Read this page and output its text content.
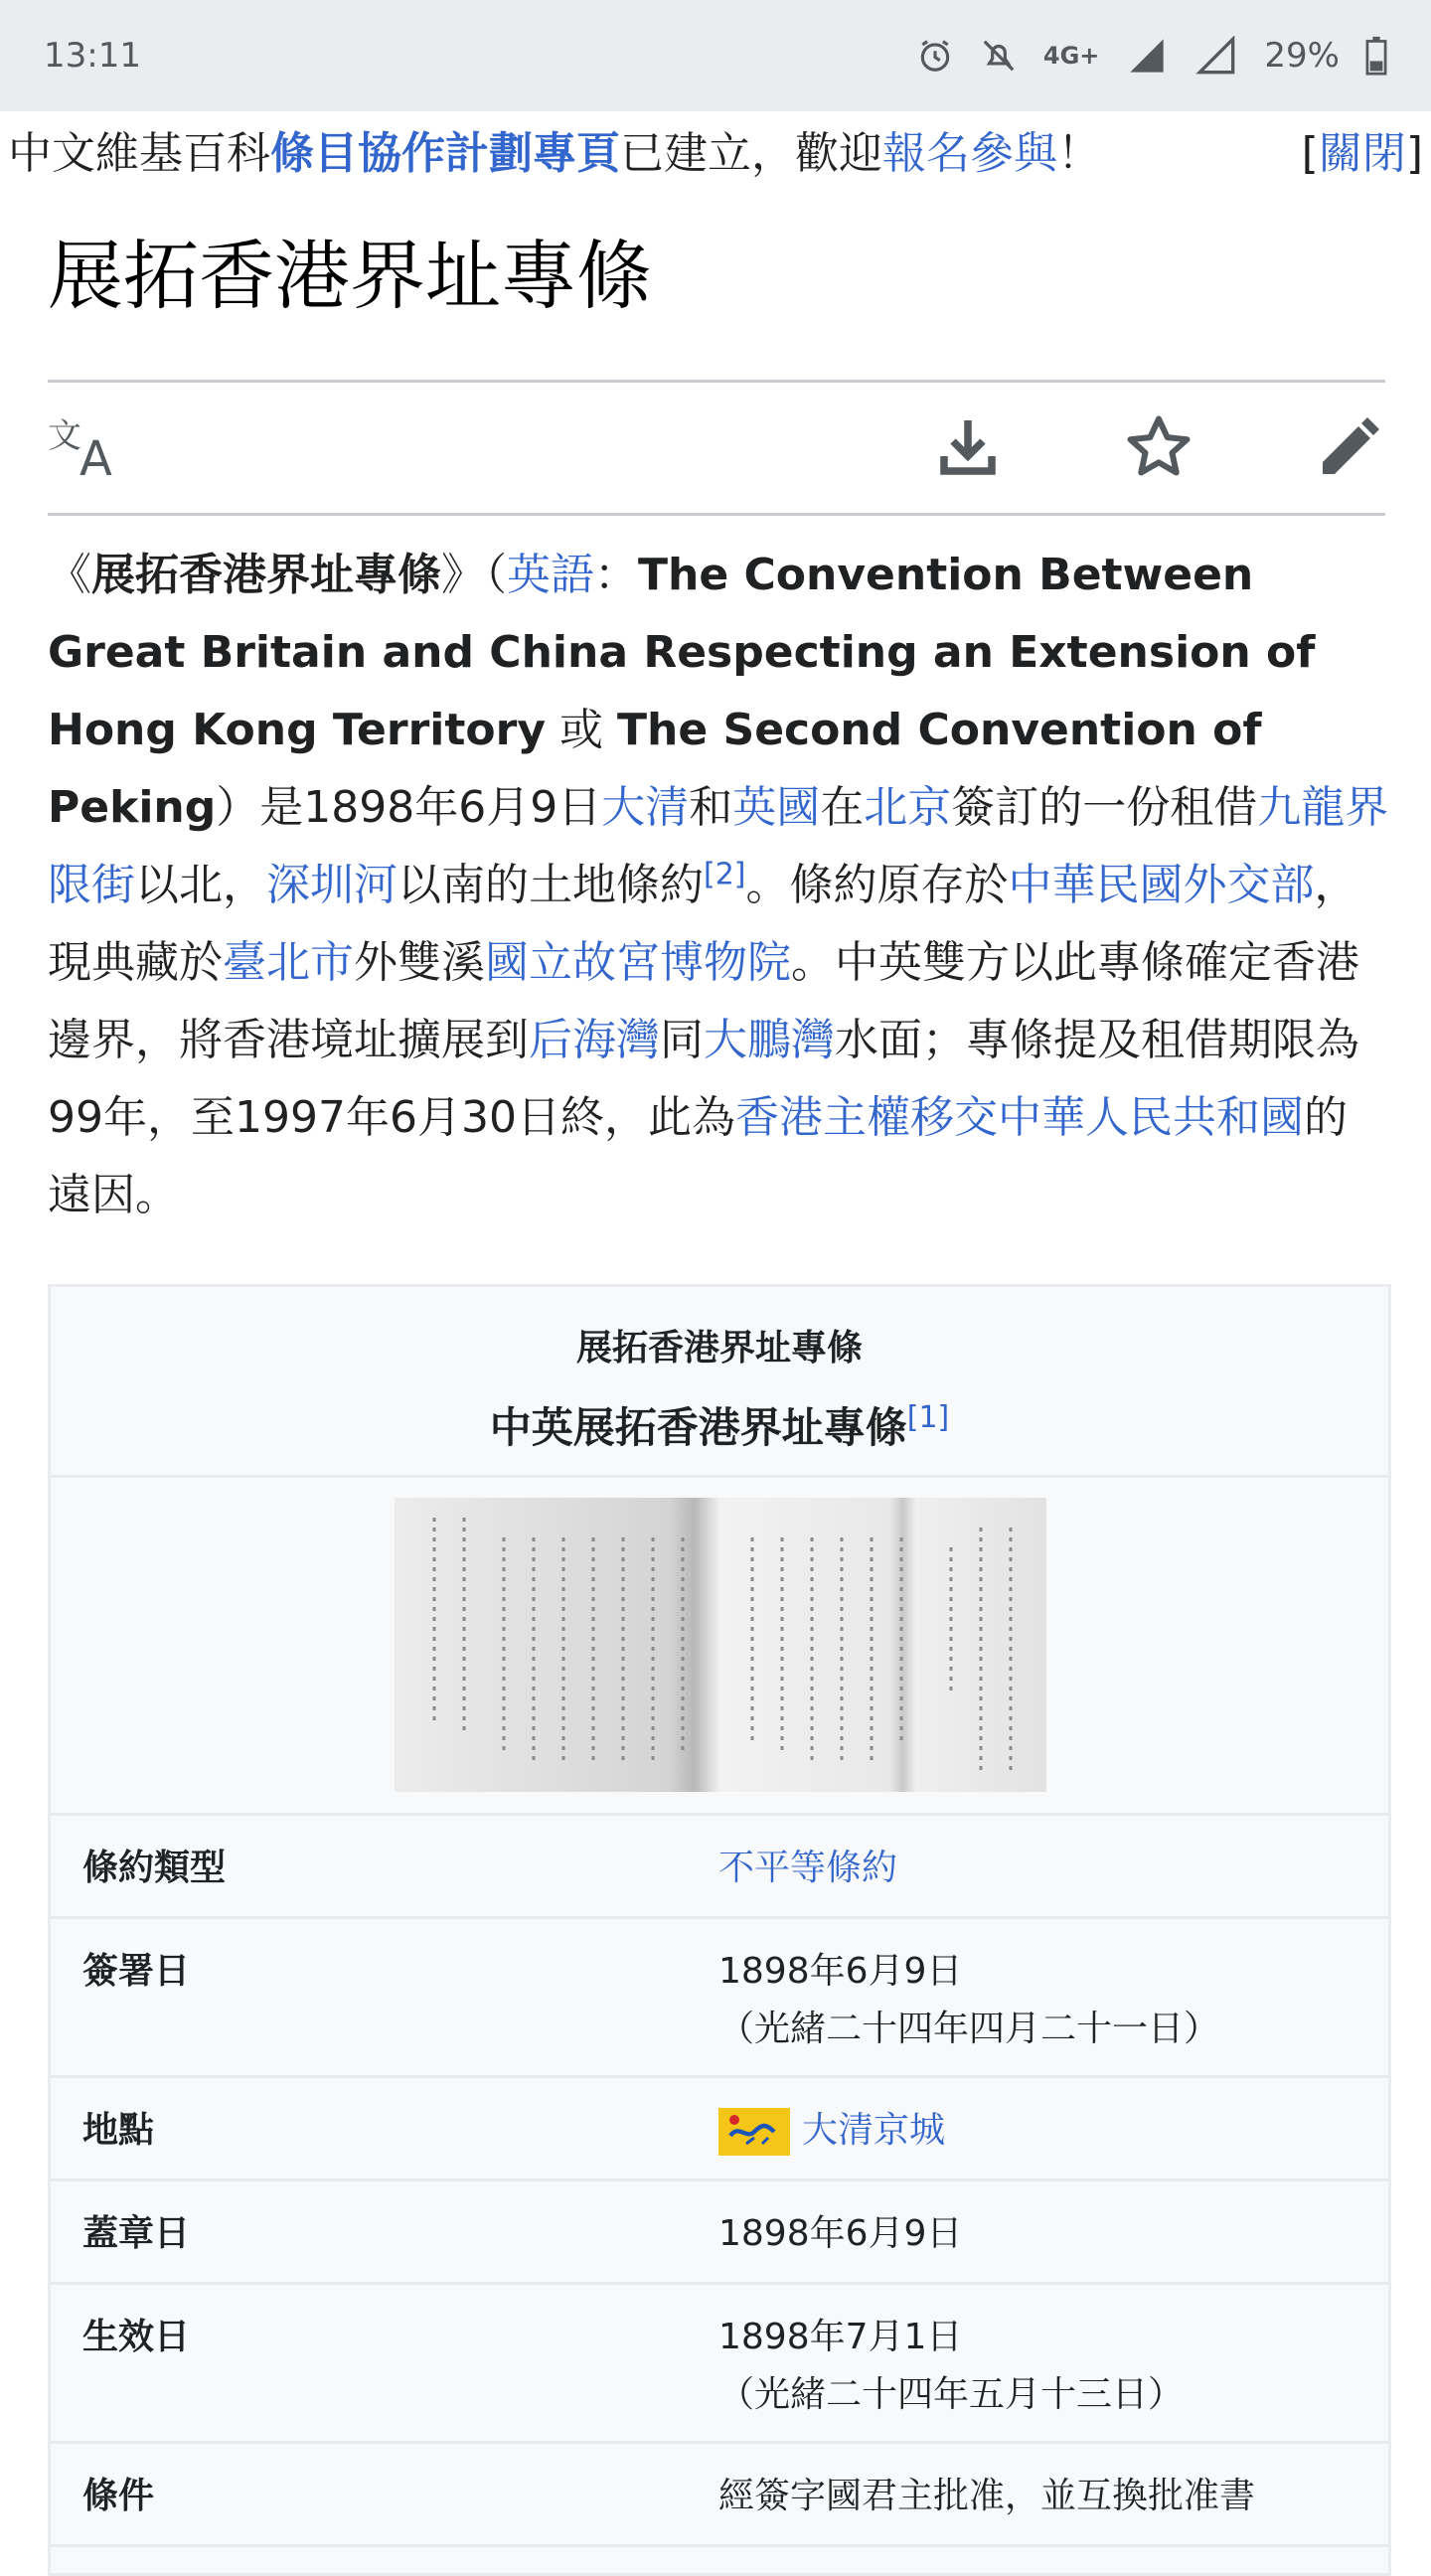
13:11	4G+	29%
中文維基百科條目協作計劃專頁已建立，歡迎報名參與！	[關閉]
展拓香港界址專條
文
A

《展拓香港界址專條》（英語：The Convention Between Great Britain and China Respecting an Extension of Hong Kong Territory 或 The Second Convention of Peking）是1898年6月9日大清和英國在北京簽訂的一份租借九龍界限街以北，深圳河以南的土地條約[2]。條約原存於中華民國外交部，現典藏於臺北市外雙溪國立故宮博物院。中英雙方以此專條確定香港邊界，將香港境址擴展到后海灣同大鵬灣水面；專條提及租借期限為99年，至1997年6月30日終，此為香港主權移交中華人民共和國的遠因。

展拓香港界址專條
中英展拓香港界址專條[1]
條約類型	不平等條約
簽署日	1898年6月9日
（光緒二十四年四月二十一日）
地點	大清京城
蓋章日	1898年6月9日
生效日	1898年7月1日
（光緒二十四年五月十三日）
條件	經簽字國君主批准，並互換批准書
